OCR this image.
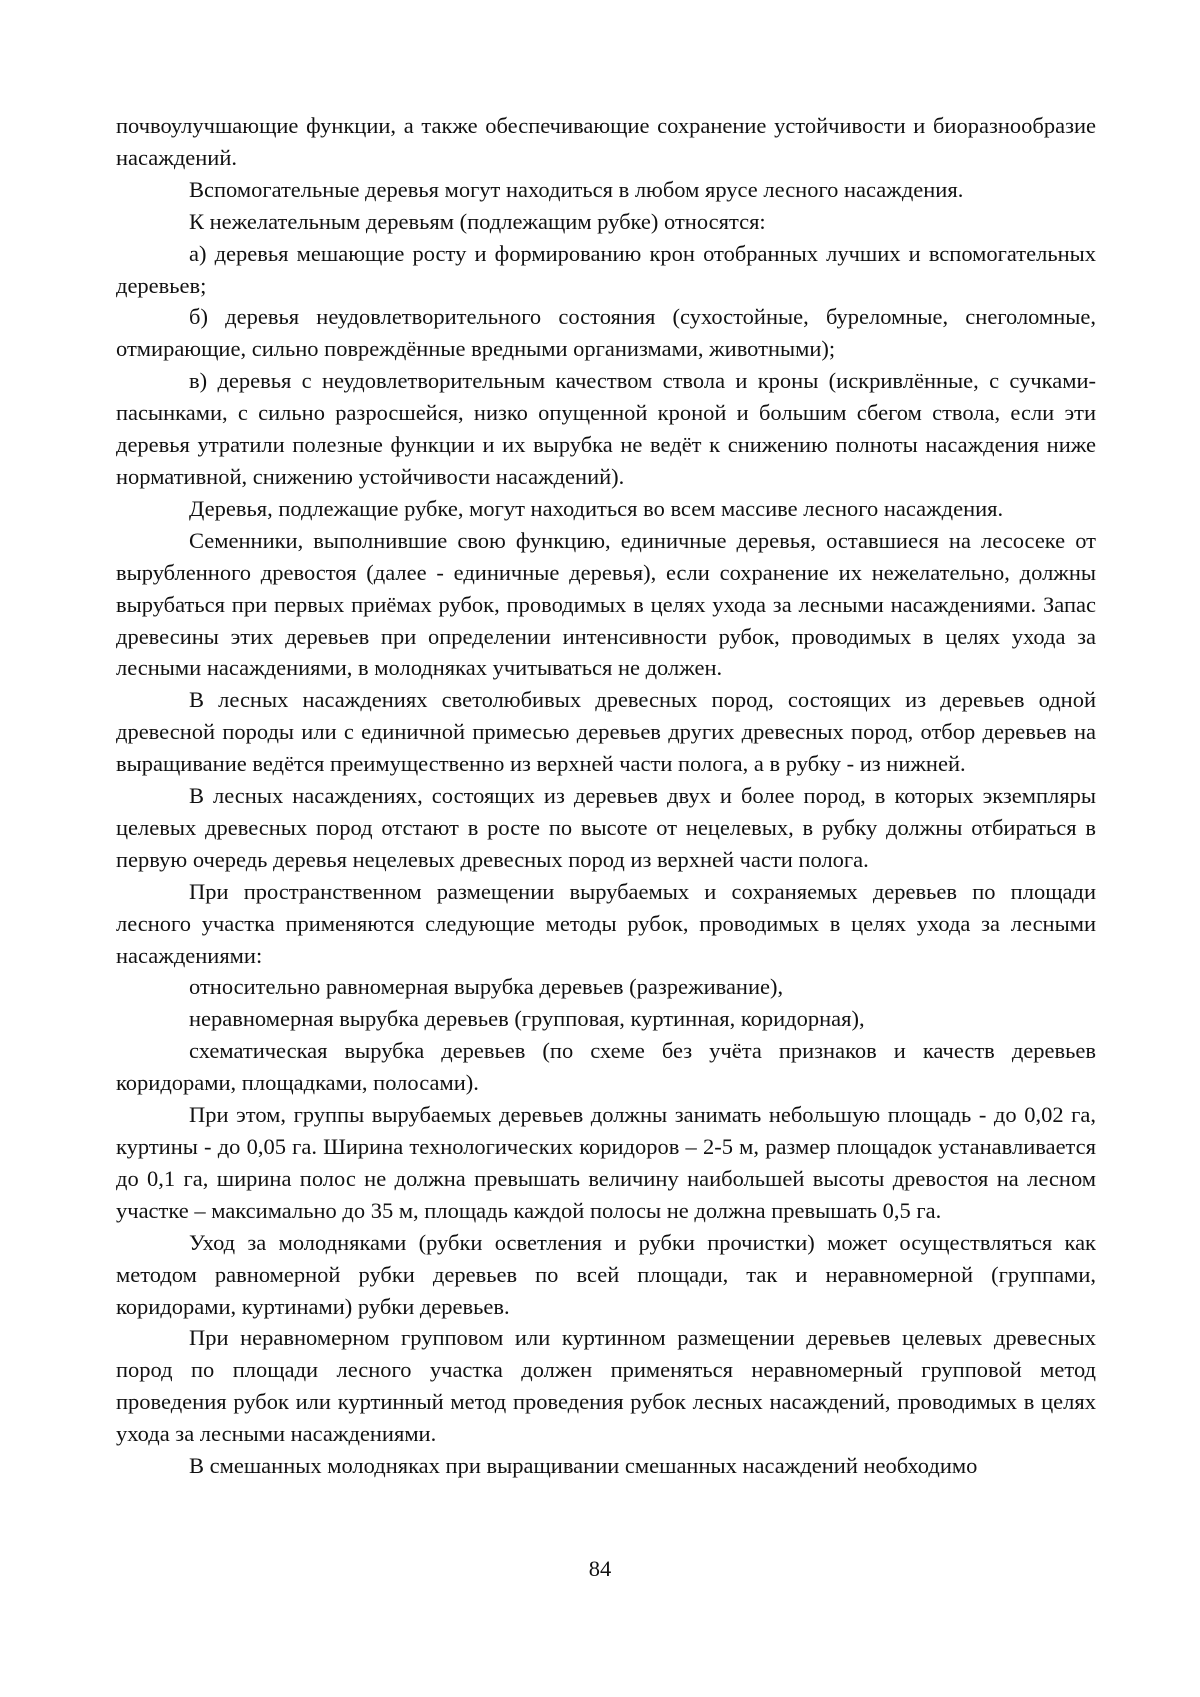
почвоулучшающие функции, а также обеспечивающие сохранение устойчивости и биоразнообразие насаждений.

Вспомогательные деревья могут находиться в любом ярусе лесного насаждения.

К нежелательным деревьям (подлежащим рубке) относятся:

а) деревья мешающие росту и формированию крон отобранных лучших и вспомогательных деревьев;

б) деревья неудовлетворительного состояния (сухостойные, буреломные, снеголомные, отмирающие, сильно повреждённые вредными организмами, животными);

в) деревья с неудовлетворительным качеством ствола и кроны (искривлённые, с сучками-пасынками, с сильно разросшейся, низко опущенной кроной и большим сбегом ствола, если эти деревья утратили полезные функции и их вырубка не ведёт к снижению полноты насаждения ниже нормативной, снижению устойчивости насаждений).

Деревья, подлежащие рубке, могут находиться во всем массиве лесного насаждения.

Семенники, выполнившие свою функцию, единичные деревья, оставшиеся на лесосеке от вырубленного древостоя (далее - единичные деревья), если сохранение их нежелательно, должны вырубаться при первых приёмах рубок, проводимых в целях ухода за лесными насаждениями. Запас древесины этих деревьев при определении интенсивности рубок, проводимых в целях ухода за лесными насаждениями, в молодняках учитываться не должен.

В лесных насаждениях светолюбивых древесных пород, состоящих из деревьев одной древесной породы или с единичной примесью деревьев других древесных пород, отбор деревьев на выращивание ведётся преимущественно из верхней части полога, а в рубку - из нижней.

В лесных насаждениях, состоящих из деревьев двух и более пород, в которых экземпляры целевых древесных пород отстают в росте по высоте от нецелевых, в рубку должны отбираться в первую очередь деревья нецелевых древесных пород из верхней части полога.

При пространственном размещении вырубаемых и сохраняемых деревьев по площади лесного участка применяются следующие методы рубок, проводимых в целях ухода за лесными насаждениями:

относительно равномерная вырубка деревьев (разреживание),

неравномерная вырубка деревьев (групповая, куртинная, коридорная),

схематическая вырубка деревьев (по схеме без учёта признаков и качеств деревьев коридорами, площадками, полосами).

При этом, группы вырубаемых деревьев должны занимать небольшую площадь - до 0,02 га, куртины - до 0,05 га. Ширина технологических коридоров – 2-5 м, размер площадок устанавливается до 0,1 га, ширина полос не должна превышать величину наибольшей высоты древостоя на лесном участке – максимально до 35 м, площадь каждой полосы не должна превышать 0,5 га.

Уход за молодняками (рубки осветления и рубки прочистки) может осуществляться как методом равномерной рубки деревьев по всей площади, так и неравномерной (группами, коридорами, куртинами) рубки деревьев.

При неравномерном групповом или куртинном размещении деревьев целевых древесных пород по площади лесного участка должен применяться неравномерный групповой метод проведения рубок или куртинный метод проведения рубок лесных насаждений, проводимых в целях ухода за лесными насаждениями.

В смешанных молодняках при выращивании смешанных насаждений необходимо

84
